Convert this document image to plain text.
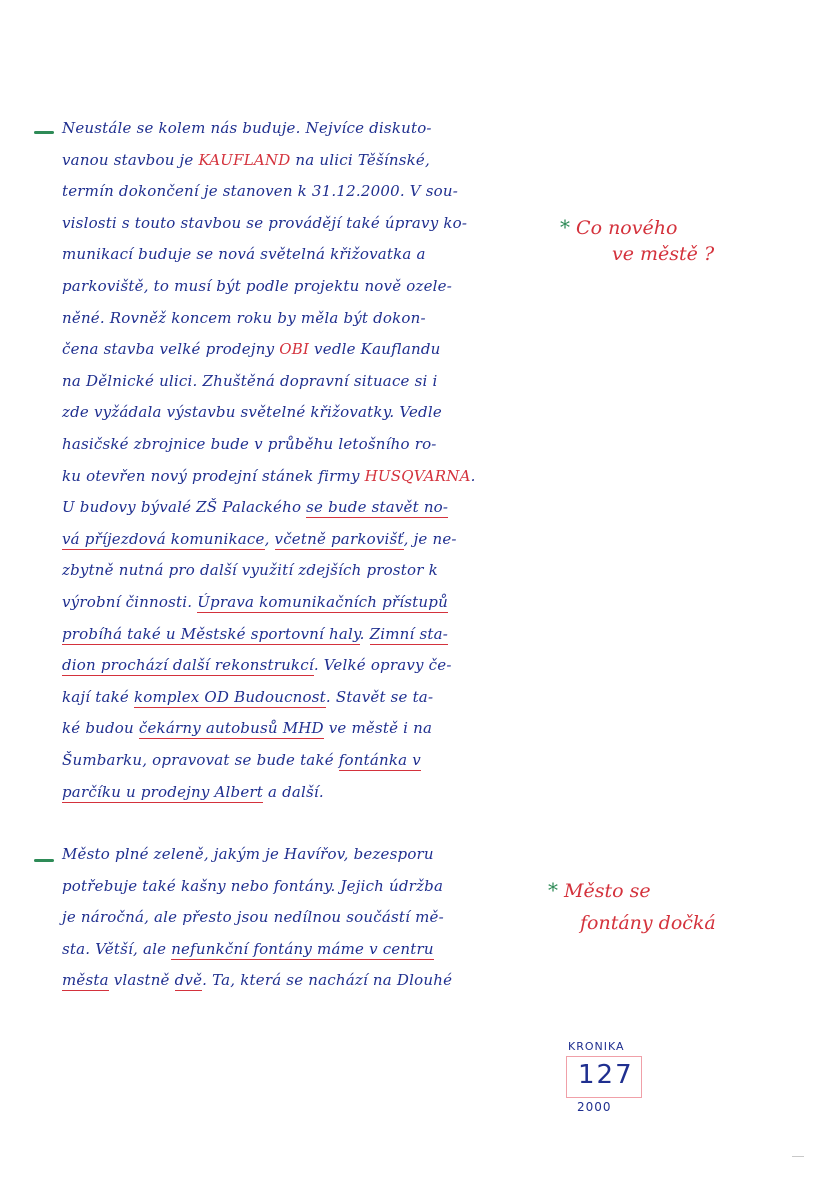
Neustále se kolem nás buduje. Nejvíce diskuto-
vanou stavbou je KAUFLAND na ulici Těšínské,
termín dokončení je stanoven k 31.12.2000. V sou-
vislosti s touto stavbou se provádějí také úpravy ko-
munikací buduje se nová světelná křižovatka a
parkoviště, to musí být podle projektu nově ozele-
něné. Rovněž koncem roku by měla být dokon-
čena stavba velké prodejny OBI vedle Kauflandu
na Dělnické ulici. Zhuštěná dopravní situace si i
zde vyžádala výstavbu světelné křižovatky. Vedle
hasičské zbrojnice bude v průběhu letošního ro-
ku otevřen nový prodejní stánek firmy HUSQVARNA.
U budovy bývalé ZŠ Palackého se bude stavět no-
vá příjezdová komunikace, včetně parkovišť, je ne-
zbytně nutná pro další využití zdejších prostor k
výrobní činnosti. Úprava komunikačních přístupů
probíhá také u Městské sportovní haly. Zimní sta-
dion prochází další rekonstrukcí. Velké opravy če-
kají také komplex OD Budoucnost. Stavět se ta-
ké budou čekárny autobusů MHD ve městě i na
Šumbarku, opravovat se bude také fontánka v
parčíku u prodejny Albert a další.
Město plné zeleně, jakým je Havířov, bezesporu
potřebuje také kašny nebo fontány. Jejich údržba
je náročná, ale přesto jsou nedílnou součástí mě-
sta. Větší, ale nefunkční fontány máme v centru
města vlastně dvě. Ta, která se nachází na Dlouhé
* Co nového
ve městě ?
* Město se
fontány dočká
KRONIKA
127
2000
